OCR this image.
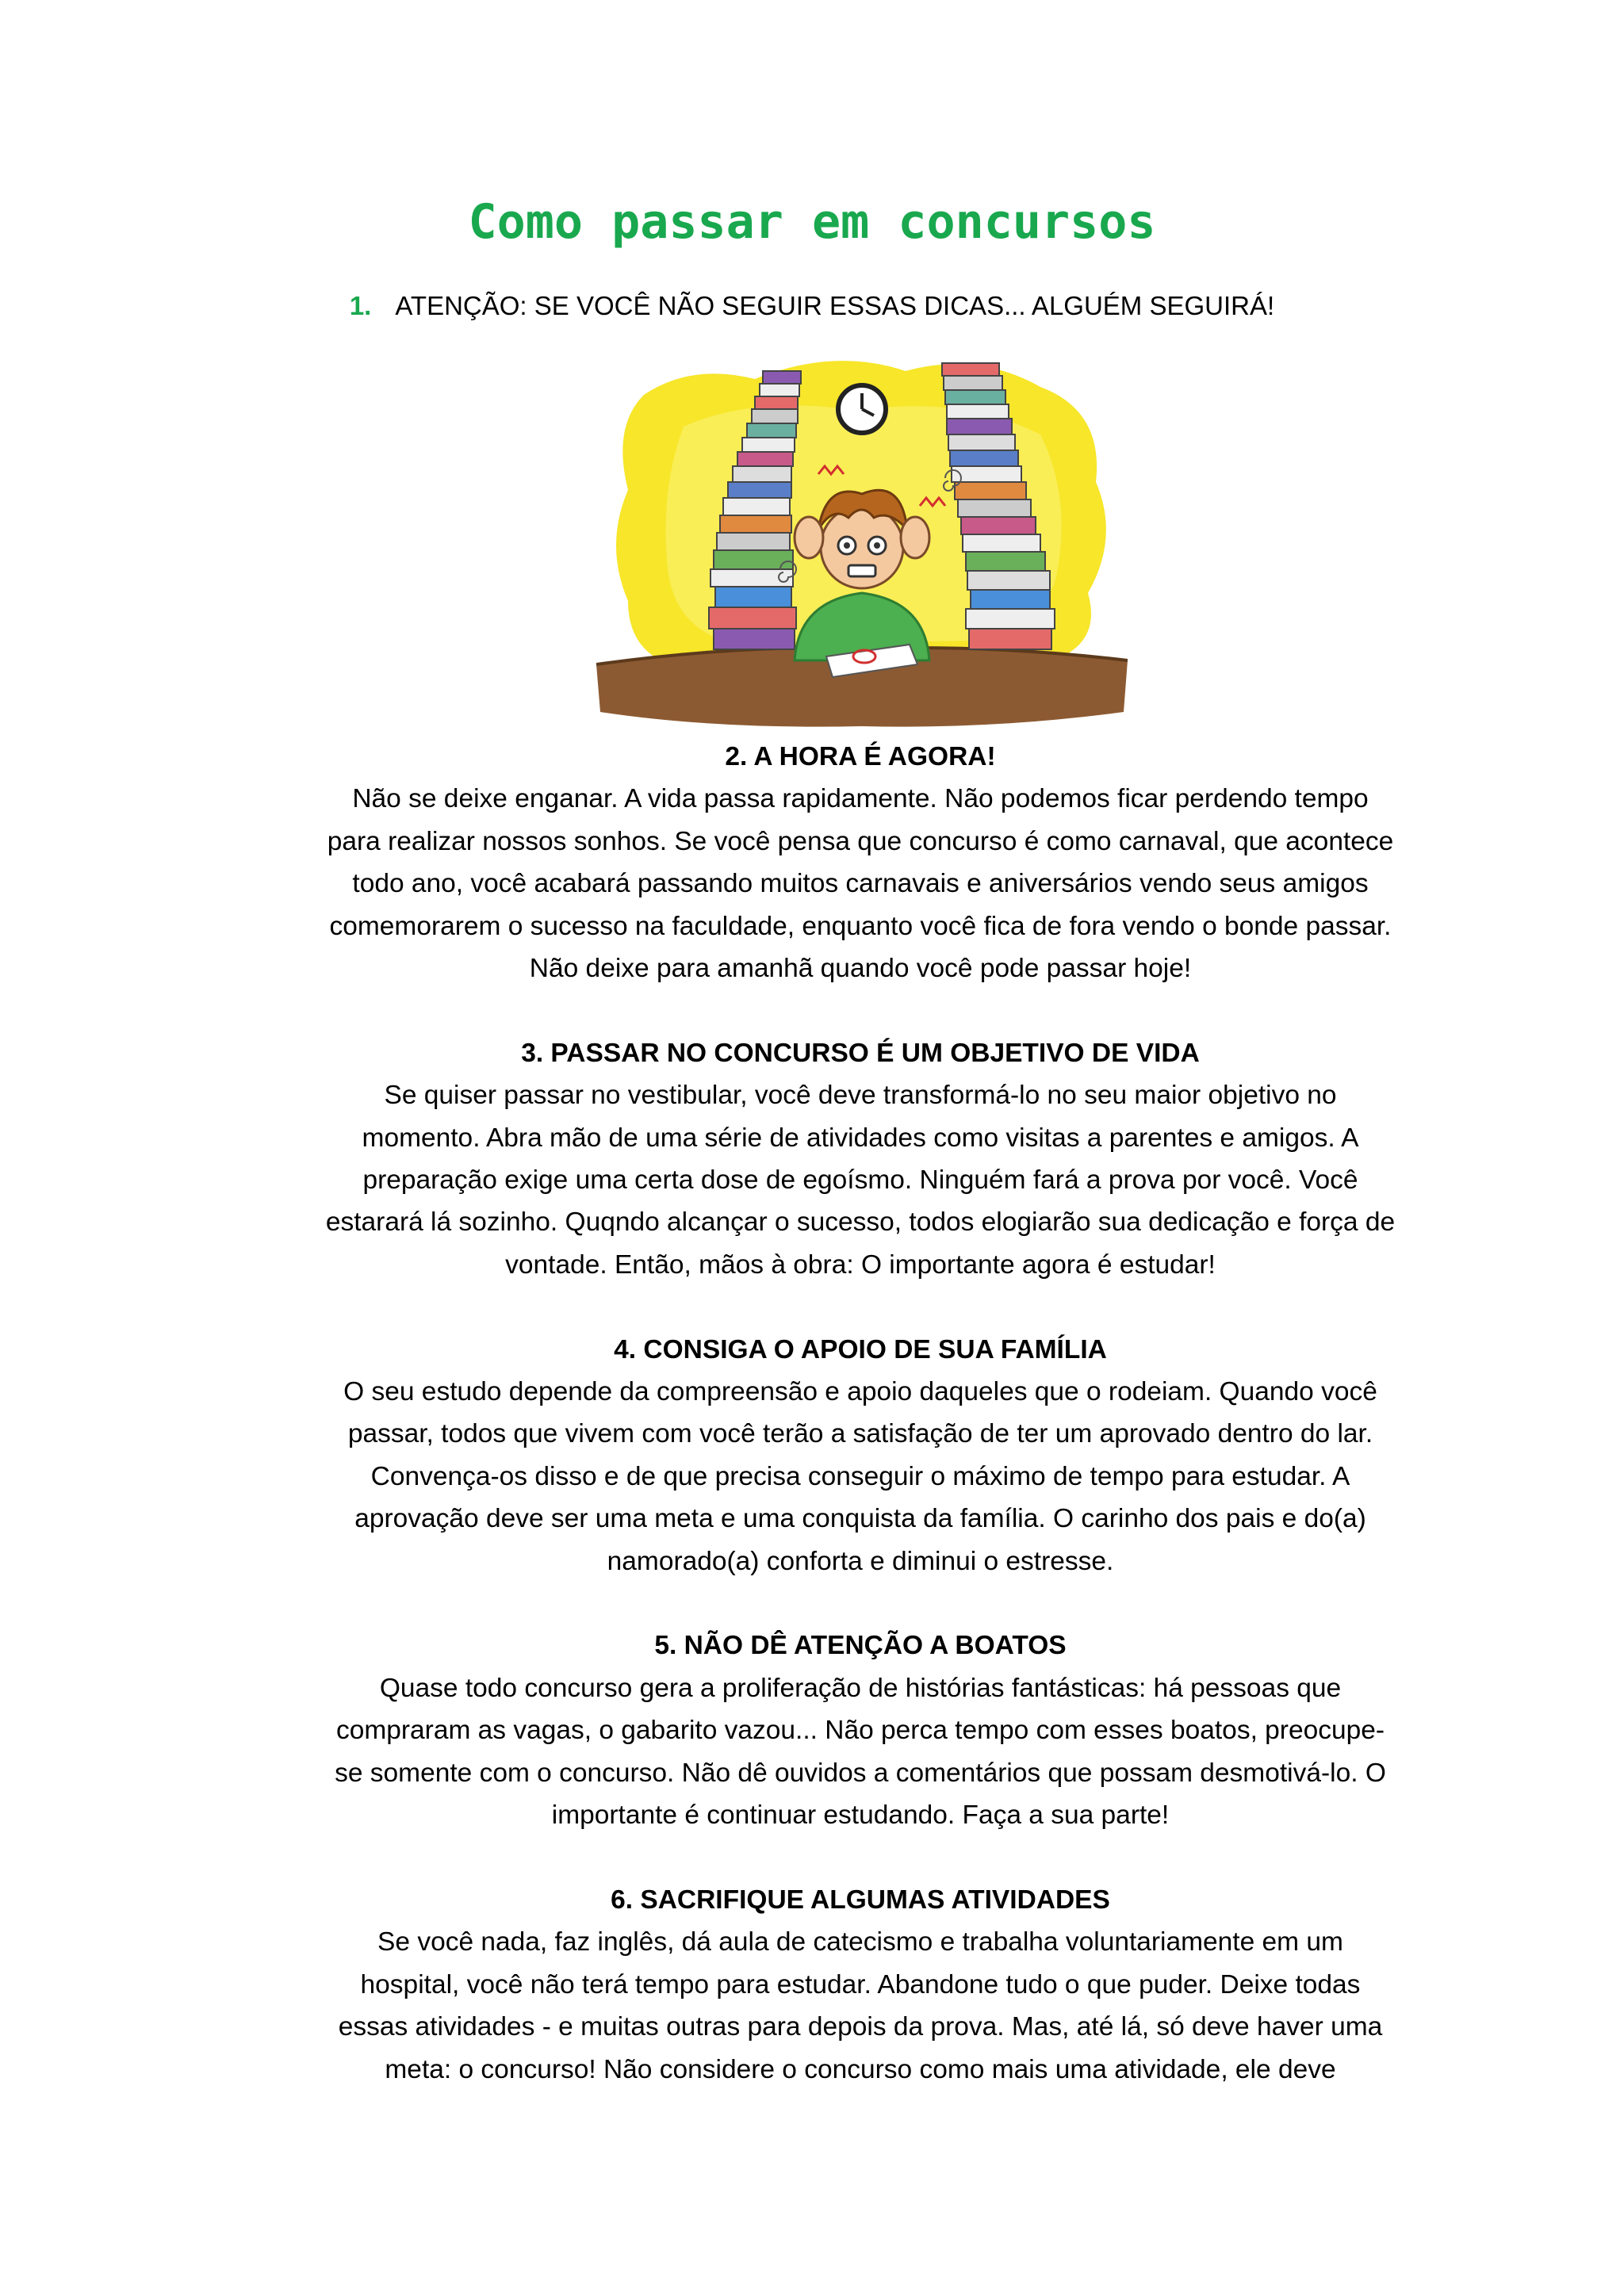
Como passar em concursos
1. ATENÇÃO: SE VOCÊ NÃO SEGUIR ESSAS DICAS... ALGUÉM SEGUIRÁ!
2. A HORA É AGORA!

Não se deixe enganar. A vida passa rapidamente. Não podemos ficar perdendo tempo para realizar nossos sonhos. Se você pensa que concurso é como carnaval, que acontece todo ano, você acabará passando muitos carnavais e aniversários vendo seus amigos comemorarem o sucesso na faculdade, enquanto você fica de fora vendo o bonde passar. Não deixe para amanhã quando você pode passar hoje!

3. PASSAR NO CONCURSO É UM OBJETIVO DE VIDA

Se quiser passar no vestibular, você deve transformá-lo no seu maior objetivo no momento. Abra mão de uma série de atividades como visitas a parentes e amigos. A preparação exige uma certa dose de egoísmo. Ninguém fará a prova por você. Você estarará lá sozinho. Quqndo alcançar o sucesso, todos elogiarão sua dedicação e força de vontade. Então, mãos à obra: O importante agora é estudar!

4. CONSIGA O APOIO DE SUA FAMÍLIA

O seu estudo depende da compreensão e apoio daqueles que o rodeiam. Quando você passar, todos que vivem com você terão a satisfação de ter um aprovado dentro do lar. Convença-os disso e de que precisa conseguir o máximo de tempo para estudar. A aprovação deve ser uma meta e uma conquista da família. O carinho dos pais e do(a) namorado(a) conforta e diminui o estresse.

5. NÃO DÊ ATENÇÃO A BOATOS

Quase todo concurso gera a proliferação de histórias fantásticas: há pessoas que compraram as vagas, o gabarito vazou... Não perca tempo com esses boatos, preocupe-se somente com o concurso. Não dê ouvidos a comentários que possam desmotivá-lo. O importante é continuar estudando. Faça a sua parte!

6. SACRIFIQUE ALGUMAS ATIVIDADES

Se você nada, faz inglês, dá aula de catecismo e trabalha voluntariamente em um hospital, você não terá tempo para estudar. Abandone tudo o que puder. Deixe todas essas atividades - e muitas outras para depois da prova. Mas, até lá, só deve haver uma meta: o concurso! Não considere o concurso como mais uma atividade, ele deve
